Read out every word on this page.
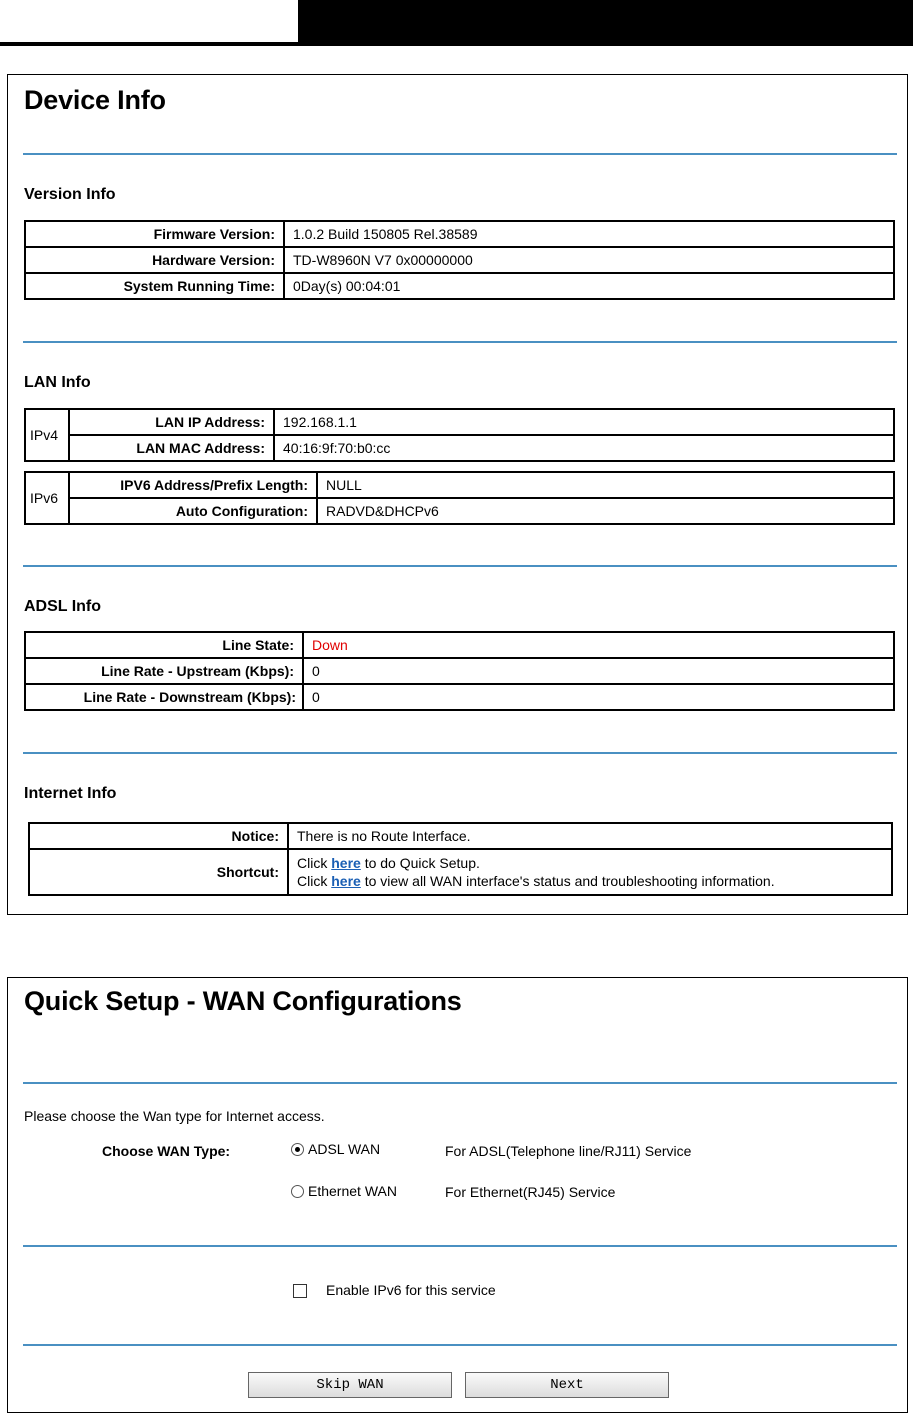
Device Info
Version Info
Firmware Version:	1.0.2 Build 150805 Rel.38589
Hardware Version:	TD-W8960N V7 0x00000000
System Running Time:	0Day(s) 00:04:01
LAN Info
IPv4	LAN IP Address:	192.168.1.1
	LAN MAC Address:	40:16:9f:70:b0:cc
IPv6	IPV6 Address/Prefix Length:	NULL
	Auto Configuration:	RADVD&DHCPv6
ADSL Info
Line State:	Down
Line Rate - Upstream (Kbps):	0
Line Rate - Downstream (Kbps):	0
Internet Info
Notice:	There is no Route Interface.
Shortcut:	Click here to do Quick Setup.
Click here to view all WAN interface's status and troubleshooting information.
Quick Setup - WAN Configurations
Please choose the Wan type for Internet access.
Choose WAN Type:	ADSL WAN	For ADSL(Telephone line/RJ11) Service
Ethernet WAN	For Ethernet(RJ45) Service
Enable IPv6 for this service
Skip WAN	Next
